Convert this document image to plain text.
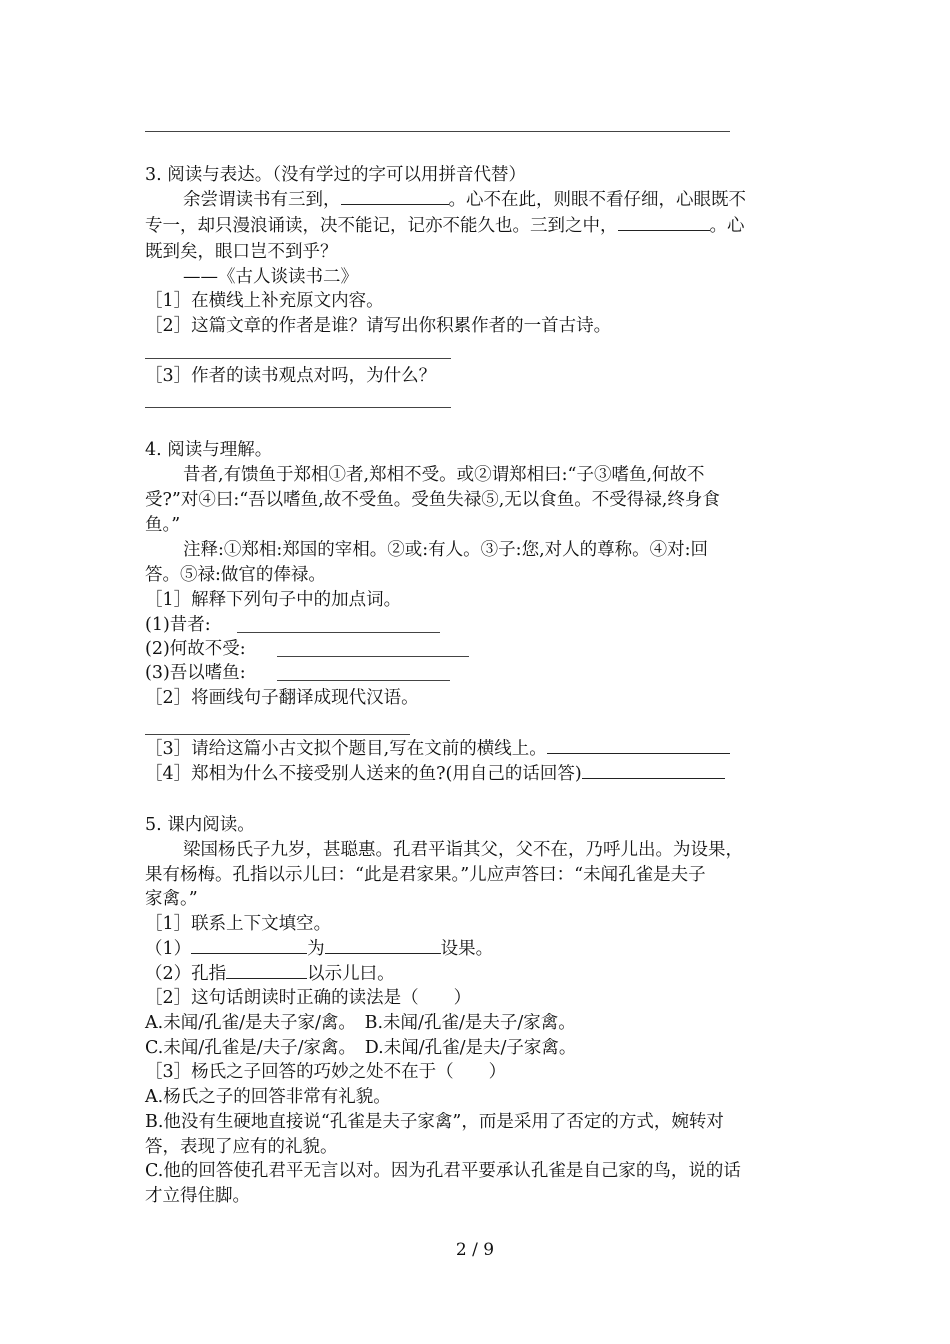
3. 阅读与表达。（没有学过的字可以用拼音代替）
余尝谓读书有三到，	。心不在此，则眼不看仔细，心眼既不
专一，却只漫浪诵读，决不能记，记亦不能久也。三到之中，	。心
既到矣，眼口岂不到乎？
——《古人谈读书二》
［1］在横线上补充原文内容。
［2］这篇文章的作者是谁？请写出你积累作者的一首古诗。
［3］作者的读书观点对吗，为什么？
4. 阅读与理解。
昔者,有馈鱼于郑相①者,郑相不受。或②谓郑相曰:“子③嗜鱼,何故不
受?”对④曰:“吾以嗜鱼,故不受鱼。受鱼失禄⑤,无以食鱼。不受得禄,终身食
鱼。”
注释:①郑相:郑国的宰相。②或:有人。③子:您,对人的尊称。④对:回
答。⑤禄:做官的俸禄。
［1］解释下列句子中的加点词。
(1)昔者:
(2)何故不受:
(3)吾以嗜鱼:
［2］将画线句子翻译成现代汉语。
［3］请给这篇小古文拟个题目,写在文前的横线上。
［4］郑相为什么不接受别人送来的鱼?(用自己的话回答)
5. 课内阅读。
梁国杨氏子九岁，甚聪惠。孔君平诣其父，父不在，乃呼儿出。为设果，
果有杨梅。孔指以示儿曰：“此是君家果。”儿应声答曰：“未闻孔雀是夫子
家禽。”
［1］联系上下文填空。
（1）	为	设果。
（2）孔指	以示儿曰。
［2］这句话朗读时正确的读法是（　　）
A.未闻/孔雀/是夫子家/禽。　B.未闻/孔雀/是夫子/家禽。
C.未闻/孔雀是/夫子/家禽。　D.未闻/孔雀/是夫/子家禽。
［3］杨氏之子回答的巧妙之处不在于（　　）
A.杨氏之子的回答非常有礼貌。
B.他没有生硬地直接说“孔雀是夫子家禽”，而是采用了否定的方式，婉转对
答，表现了应有的礼貌。
C.他的回答使孔君平无言以对。因为孔君平要承认孔雀是自己家的鸟，说的话
才立得住脚。
2 / 9
